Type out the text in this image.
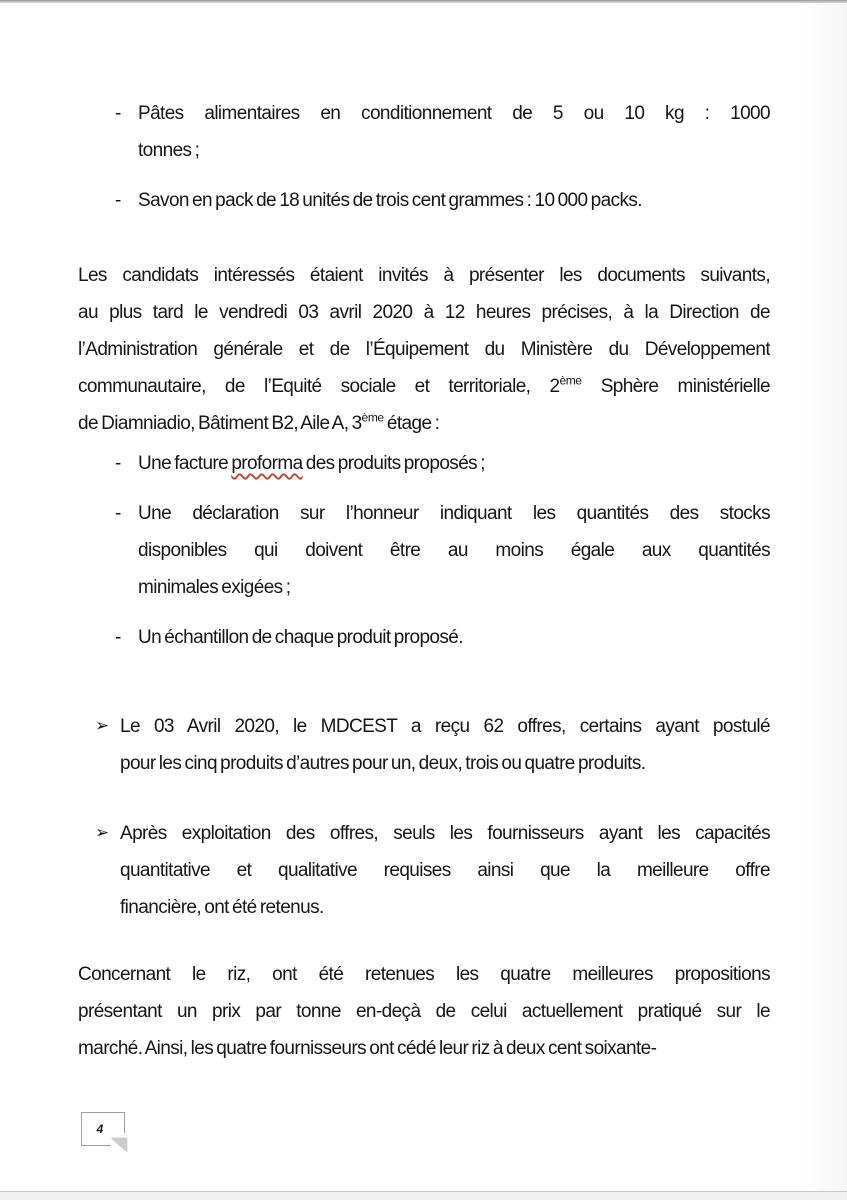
- Pâtes alimentaires en conditionnement de 5 ou 10 kg : 1000
tonnes ;
- Savon en pack de 18 unités de trois cent grammes : 10 000 packs.
Les candidats intéressés étaient invités à présenter les documents suivants,
au plus tard le vendredi 03 avril 2020 à 12 heures précises, à la Direction de
l’Administration générale et de l’Équipement du Ministère du Développement
communautaire, de l’Equité sociale et territoriale, 2ème Sphère ministérielle
de Diamniadio, Bâtiment B2, Aile A, 3ème étage :
- Une facture proforma des produits proposés ;
- Une déclaration sur l’honneur indiquant les quantités des stocks
disponibles qui doivent être au moins égale aux quantités
minimales exigées ;
- Un échantillon de chaque produit proposé.
➢ Le 03 Avril 2020, le MDCEST a reçu 62 offres, certains ayant postulé
pour les cinq produits d’autres pour un, deux, trois ou quatre produits.
➢ Après exploitation des offres, seuls les fournisseurs ayant les capacités
quantitative et qualitative requises ainsi que la meilleure offre
financière, ont été retenus.
Concernant le riz, ont été retenues les quatre meilleures propositions
présentant un prix par tonne en-deçà de celui actuellement pratiqué sur le
marché. Ainsi, les quatre fournisseurs ont cédé leur riz à deux cent soixante-
4
